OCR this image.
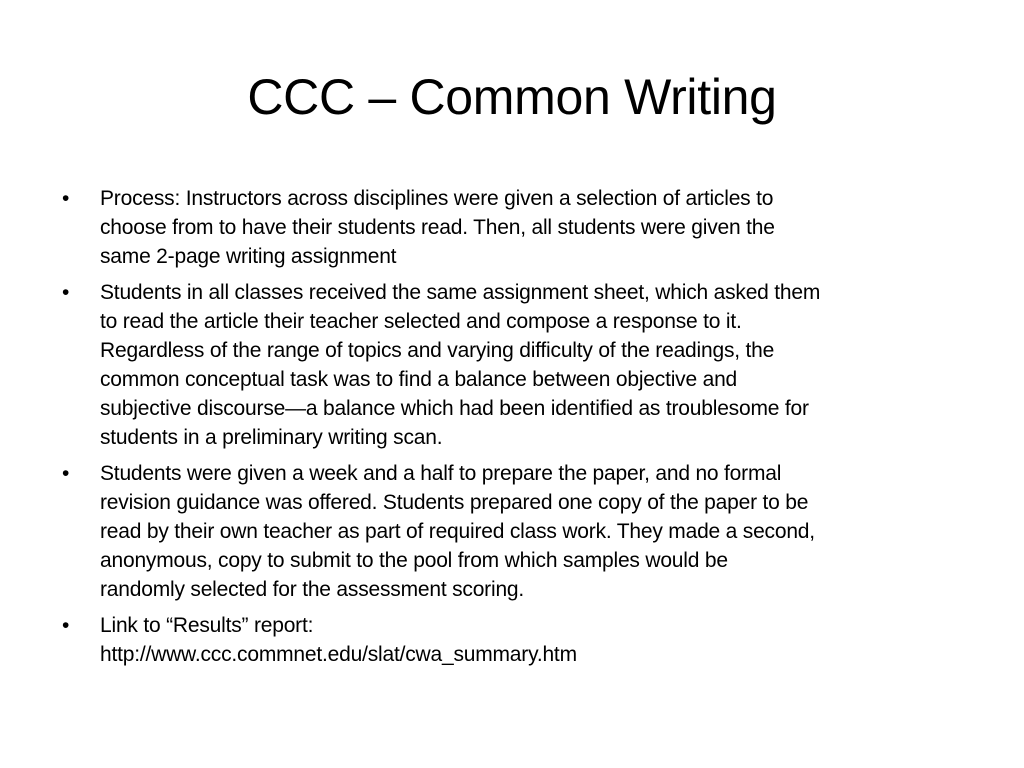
CCC – Common Writing
•	Process: Instructors across disciplines were given a selection of articles to
choose from to have their students read. Then, all students were given the
same 2-page writing assignment
•	Students in all classes received the same assignment sheet, which asked them
to read the article their teacher selected and compose a response to it.
Regardless of the range of topics and varying difficulty of the readings, the
common conceptual task was to find a balance between objective and
subjective discourse—a balance which had been identified as troublesome for
students in a preliminary writing scan.
•	Students were given a week and a half to prepare the paper, and no formal
revision guidance was offered. Students prepared one copy of the paper to be
read by their own teacher as part of required class work. They made a second,
anonymous, copy to submit to the pool from which samples would be
randomly selected for the assessment scoring.
•	Link to “Results” report:
http://www.ccc.commnet.edu/slat/cwa_summary.htm
